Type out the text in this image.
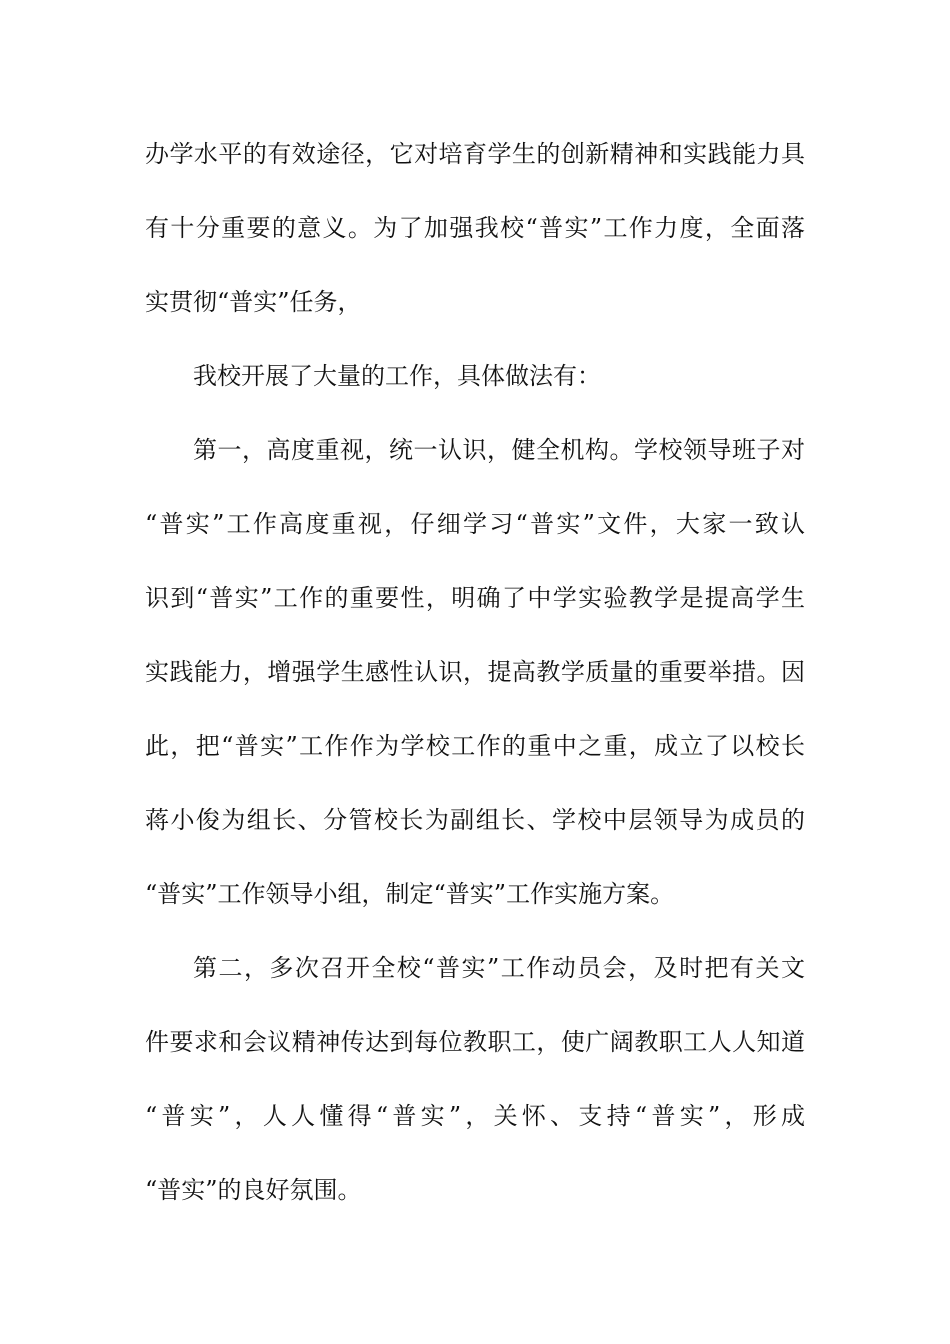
办学水平的有效途径，它对培育学生的创新精神和实践能力具
有十分重要的意义。为了加强我校“普实”工作力度，全面落
实贯彻“普实”任务，
我校开展了大量的工作，具体做法有：
第一，高度重视，统一认识，健全机构。学校领导班子对
“普实”工作高度重视，仔细学习“普实”文件，大家一致认
识到“普实”工作的重要性，明确了中学实验教学是提高学生
实践能力，增强学生感性认识，提高教学质量的重要举措。因
此，把“普实”工作作为学校工作的重中之重，成立了以校长
蒋小俊为组长、分管校长为副组长、学校中层领导为成员的
“普实”工作领导小组，制定“普实”工作实施方案。
第二，多次召开全校“普实”工作动员会，及时把有关文
件要求和会议精神传达到每位教职工，使广阔教职工人人知道
“普实”，人人懂得“普实”，关怀、支持“普实”，形成
“普实”的良好氛围。
